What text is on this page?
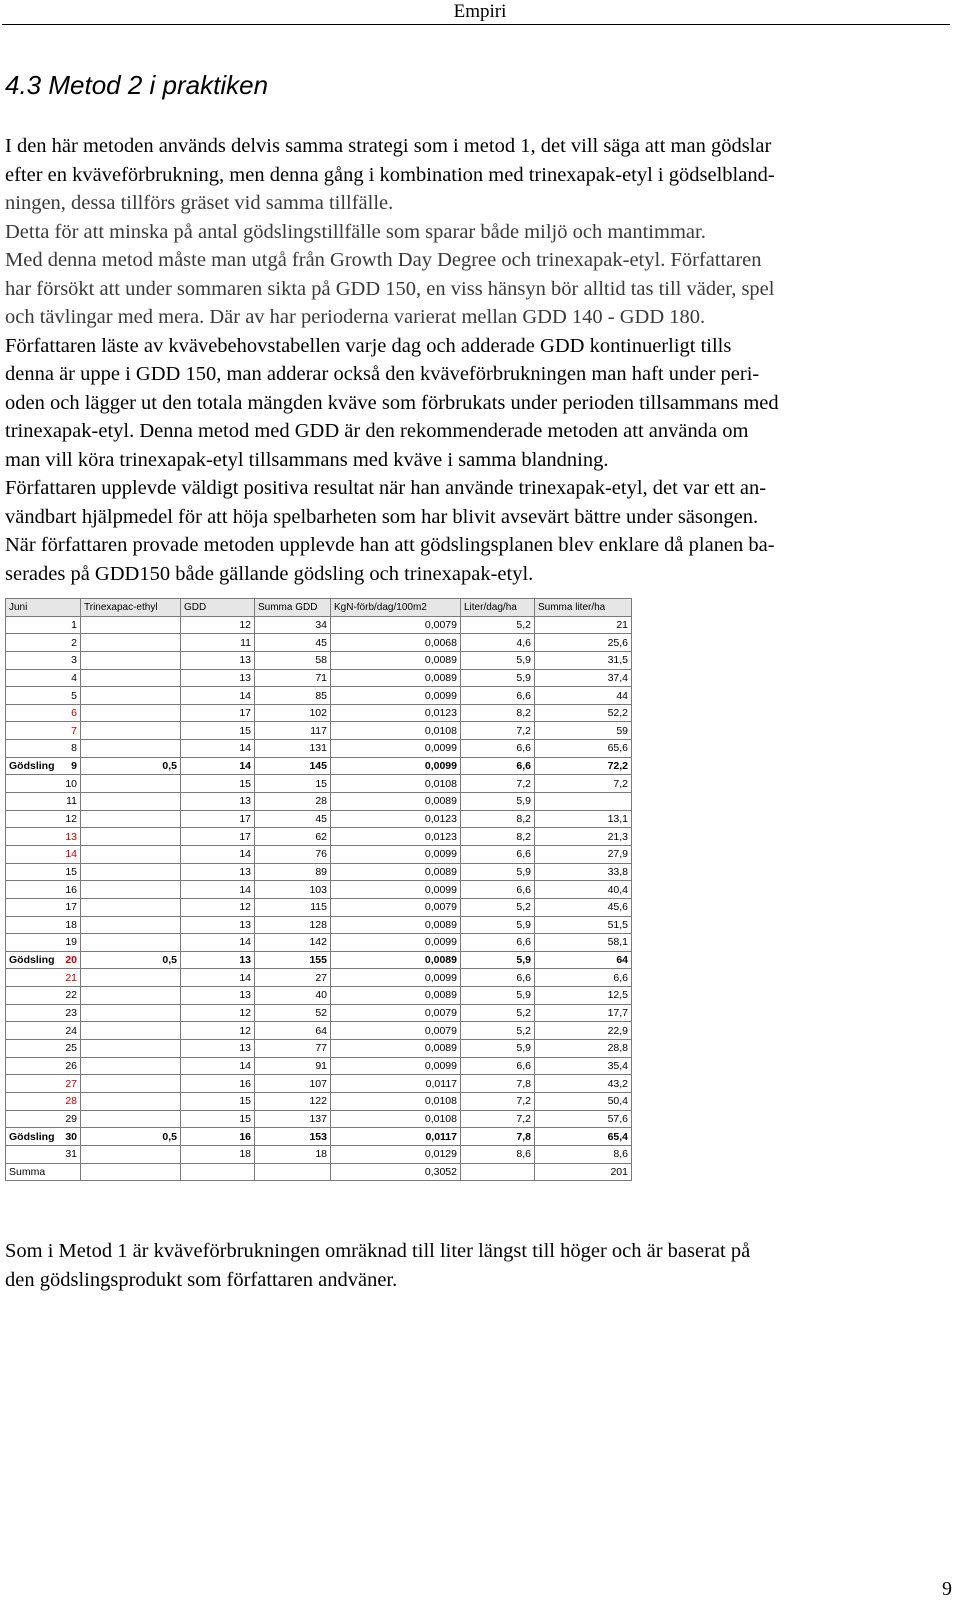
Empiri
4.3 Metod 2 i praktiken
I den här metoden används delvis samma strategi som i metod 1, det vill säga att man gödslar
efter en kväveförbrukning, men denna gång i kombination med trinexapak-etyl i gödselbland-
ningen, dessa tillförs gräset vid samma tillfälle.
Detta för att minska på antal gödslingstillfälle som sparar både miljö och mantimmar.
Med denna metod måste man utgå från Growth Day Degree och trinexapak-etyl. Författaren
har försökt att under sommaren sikta på GDD 150, en viss hänsyn bör alltid tas till väder, spel
och tävlingar med mera. Där av har perioderna varierat mellan GDD 140 - GDD 180.
Författaren läste av kvävebehovstabellen varje dag och adderade GDD kontinuerligt tills
denna är uppe i GDD 150, man adderar också den kväveförbrukningen man haft under peri-
oden och lägger ut den totala mängden kväve som förbrukats under perioden tillsammans med
trinexapak-etyl. Denna metod med GDD är den rekommenderade metoden att använda om
man vill köra trinexapak-etyl tillsammans med kväve i samma blandning.
Författaren upplevde väldigt positiva resultat när han använde trinexapak-etyl, det var ett an-
vändbart hjälpmedel för att höja spelbarheten som har blivit avsevärt bättre under säsongen.
När författaren provade metoden upplevde han att gödslingsplanen blev enklare då planen ba-
serades på GDD150 både gällande gödsling och trinexapak-etyl.
Juni	Trinexapac-ethyl	GDD	Summa GDD	KgN-förb/dag/100m2	Liter/dag/ha	Summa liter/ha

1		12	34	0,0079	5,2	21

2		11	45	0,0068	4,6	25,6

3		13	58	0,0089	5,9	31,5

4		13	71	0,0089	5,9	37,4

5		14	85	0,0099	6,6	44

6		17	102	0,0123	8,2	52,2

7		15	117	0,0108	7,2	59

8		14	131	0,0099	6,6	65,6

Gödsling 9	0,5	14	145	0,0099	6,6	72,2

10		15	15	0,0108	7,2	7,2

11		13	28	0,0089	5,9	

12		17	45	0,0123	8,2	13,1

13		17	62	0,0123	8,2	21,3

14		14	76	0,0099	6,6	27,9

15		13	89	0,0089	5,9	33,8

16		14	103	0,0099	6,6	40,4

17		12	115	0,0079	5,2	45,6

18		13	128	0,0089	5,9	51,5

19		14	142	0,0099	6,6	58,1

Gödsling 20	0,5	13	155	0,0089	5,9	64

21		14	27	0,0099	6,6	6,6

22		13	40	0,0089	5,9	12,5

23		12	52	0,0079	5,2	17,7

24		12	64	0,0079	5,2	22,9

25		13	77	0,0089	5,9	28,8

26		14	91	0,0099	6,6	35,4

27		16	107	0,0117	7,8	43,2

28		15	122	0,0108	7,2	50,4

29		15	137	0,0108	7,2	57,6

Gödsling 30	0,5	16	153	0,0117	7,8	65,4

31		18	18	0,0129	8,6	8,6
Summa				0,3052		201
Som i Metod 1 är kväveförbrukningen omräknad till liter längst till höger och är baserat på
den gödslingsprodukt som författaren andväner.
9
